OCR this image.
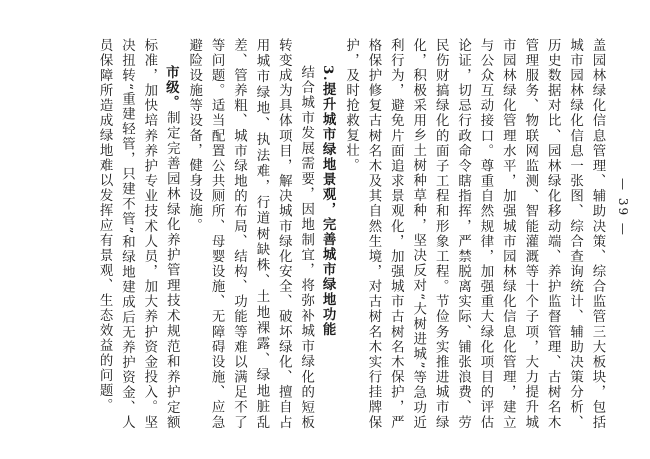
盖园林绿化信息管理、辅助决策、综合监管三大板块，包括城市园林绿化信息一张图、综合查询统计、辅助决策分析、历史数据对比、园林绿化移动端、养护监督管理、古树名木管理服务、物联网监测、智能灌溉等十个子项，大力提升城市园林绿化管理水平，加强城市园林绿化信息化管理，建立与公众互动接口。尊重自然规律，加强重大绿化项目的评估论证，切忌行政命令瞎指挥，严禁脱离实际、铺张浪费、劳民伤财搞绿化的面子工程和形象工程。节俭务实推进城市绿化，积极采用乡土树种草种，坚决反对“大树进城”等急功近利行为，避免片面追求景观化，加强城市古树名木保护，严格保护修复古树名木及其自然生境，对古树名木实行挂牌保护，及时抢救复壮。

3.提升城市绿地景观，完善城市绿地功能

结合城市发展需要，因地制宜，将弥补城市绿化的短板转变成为具体项目，解决城市绿化安全、破坏绿化、擅自占用城市绿地、执法难，行道树缺株、土地裸露、绿地脏乱差、管养粗、城市绿地的布局、结构、功能等难以满足不了等问题。适当配置公共厕所、母婴设施、无障碍设施、应急避险设施等设备，健身设施。

市级。制定完善园林绿化养护管理技术规范和养护定额标准，加快培养养护专业技术人员，加大养护资金投入。坚决扭转“重建轻管，只建不管”和绿地建成后无养护资金、人员保障所造成绿地难以发挥应有景观、生态效益的问题。	— 39 —
